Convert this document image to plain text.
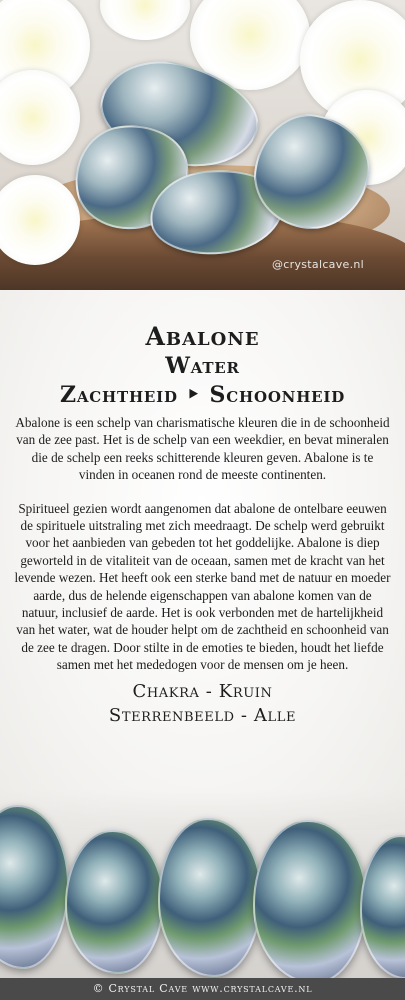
@crystalcave.nl
Abalone
Water
Zachtheid ‣ Schoonheid

Abalone is een schelp van charismatische kleuren die in de schoonheid van de zee past. Het is de schelp van een weekdier, en bevat mineralen die de schelp een reeks schitterende kleuren geven. Abalone is te vinden in oceanen rond de meeste continenten.

Spiritueel gezien wordt aangenomen dat abalone de ontelbare eeuwen de spirituele uitstraling met zich meedraagt. De schelp werd gebruikt voor het aanbieden van gebeden tot het goddelijke. Abalone is diep geworteld in de vitaliteit van de oceaan, samen met de kracht van het levende wezen. Het heeft ook een sterke band met de natuur en moeder aarde, dus de helende eigenschappen van abalone komen van de natuur, inclusief de aarde. Het is ook verbonden met de hartelijkheid van het water, wat de houder helpt om de zachtheid en schoonheid van de zee te dragen. Door stilte in de emoties te bieden, houdt het liefde samen met het mededogen voor de mensen om je heen.

Chakra - Kruin

Sterrenbeeld - Alle

© Crystal Cave www.crystalcave.nl
